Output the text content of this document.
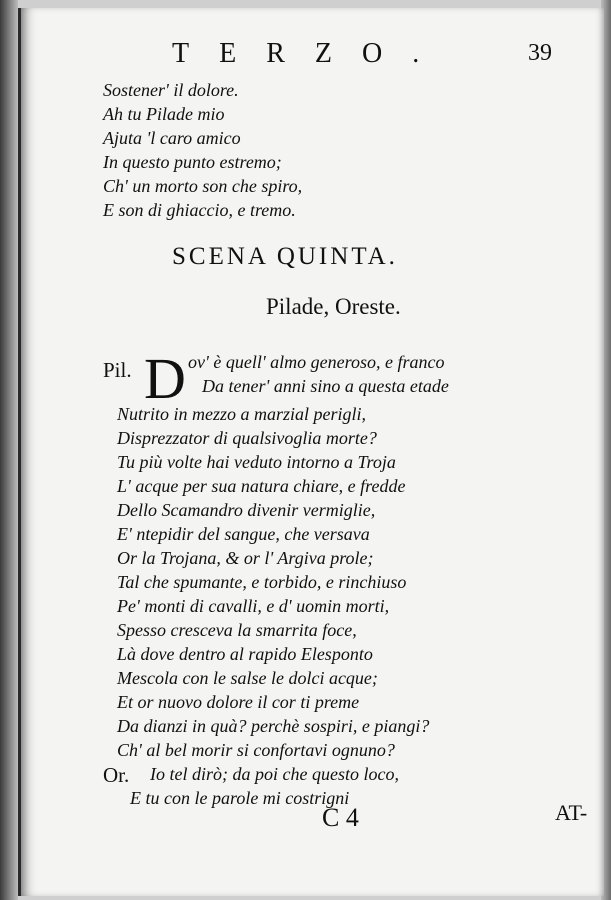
TERZO.	39
Sostener' il dolore.
Ah tu Pilade mio
Ajuta 'l caro amico
In questo punto estremo;
Ch' un morto son che spiro,
E son di ghiaccio, e tremo.
SCENA QUINTA.
Pilade, Oreste.
Pil. D ov' è quell' almo generoso, e franco
Da tener' anni sino a questa etade
Nutrito in mezzo a marzial perigli,
Disprezzator di qualsivoglia morte?
Tu più volte hai veduto intorno a Troja
L' acque per sua natura chiare, e fredde
Dello Scamandro divenir vermiglie,
E' ntepidir del sangue, che versava
Or la Trojana, & or l' Argiva prole;
Tal che spumante, e torbido, e rinchiuso
Pe' monti di cavalli, e d' uomin morti,
Spesso cresceva la smarrita foce,
Là dove dentro al rapido Elesponto
Mescola con le salse le dolci acque;
Et or nuovo dolore il cor ti preme
Da dianzi in quà? perchè sospiri, e piangi?
Ch' al bel morir si confortavi ognuno?
Or. Io tel dirò; da poi che questo loco,
E tu con le parole mi costrigni
C 4	AT-
